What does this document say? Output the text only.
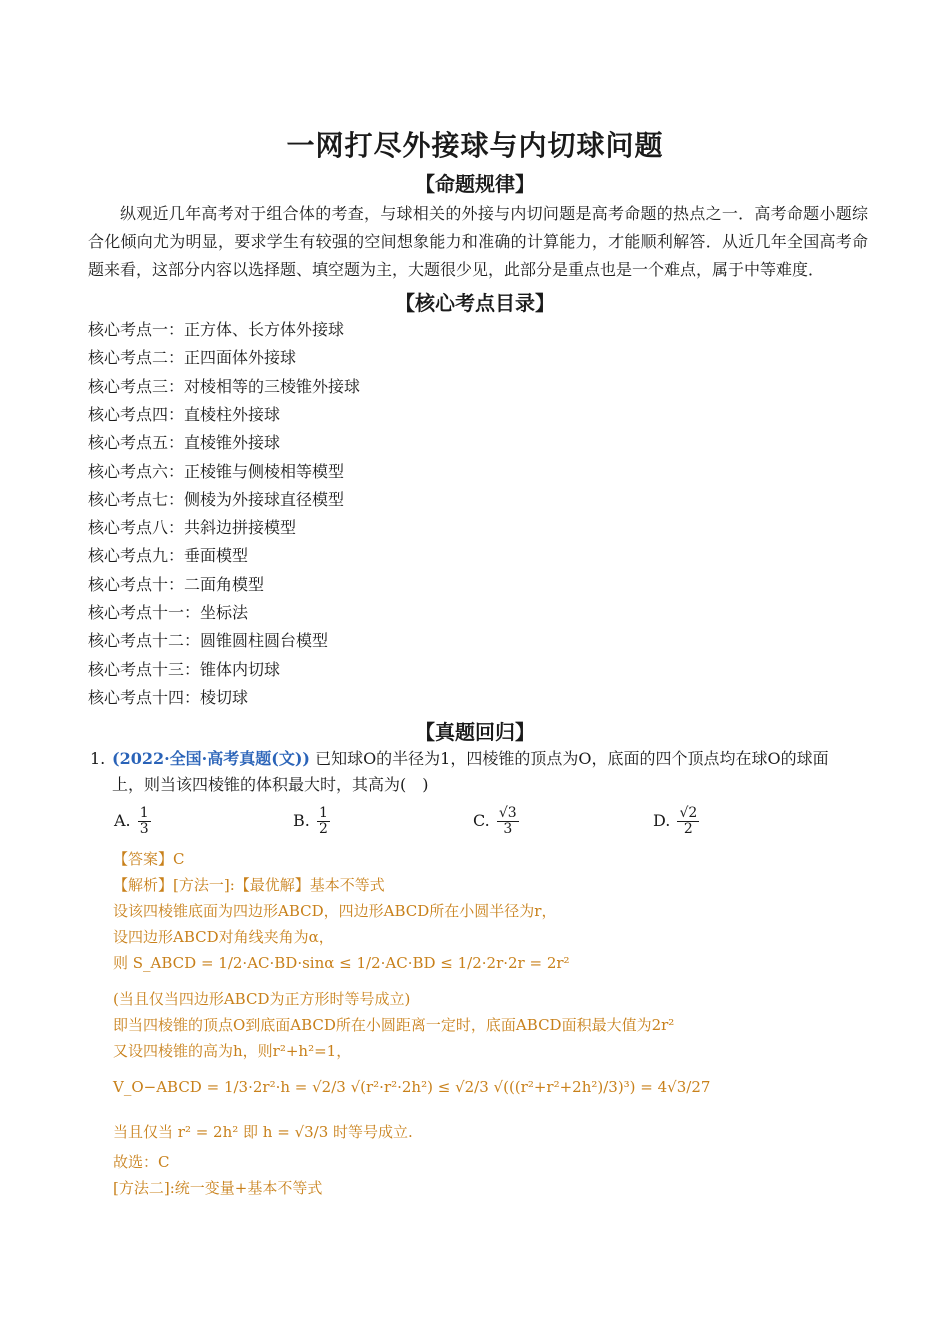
一网打尽外接球与内切球问题
【命题规律】
纵观近几年高考对于组合体的考查，与球相关的外接与内切问题是高考命题的热点之一．高考命题小题综合化倾向尤为明显，要求学生有较强的空间想象能力和准确的计算能力，才能顺利解答．从近几年全国高考命题来看，这部分内容以选择题、填空题为主，大题很少见，此部分是重点也是一个难点，属于中等难度．
【核心考点目录】
核心考点一：正方体、长方体外接球
核心考点二：正四面体外接球
核心考点三：对棱相等的三棱锥外接球
核心考点四：直棱柱外接球
核心考点五：直棱锥外接球
核心考点六：正棱锥与侧棱相等模型
核心考点七：侧棱为外接球直径模型
核心考点八：共斜边拼接模型
核心考点九：垂面模型
核心考点十：二面角模型
核心考点十一：坐标法
核心考点十二：圆锥圆柱圆台模型
核心考点十三：锥体内切球
核心考点十四：棱切球
【真题回归】
1. (2022·全国·高考真题(文)) 已知球O的半径为1，四棱锥的顶点为O，底面的四个顶点均在球O的球面
上，则当该四棱锥的体积最大时，其高为(　)
A. $\frac{1}{3}$	B. $\frac{1}{2}$	C. $\frac{√3}{3}$	D. $\frac{√2}{2}$
【答案】C
【解析】[方法一]:【最优解】基本不等式
设该四棱锥底面为四边形ABCD，四边形ABCD所在小圆半径为r，
设四边形ABCD对角线夹角为α，
则 S_ABCD = 1/2·AC·BD·sinα ≤ 1/2·AC·BD ≤ 1/2·2r·2r = 2r²
(当且仅当四边形ABCD为正方形时等号成立)
即当四棱锥的顶点O到底面ABCD所在小圆距离一定时，底面ABCD面积最大值为2r²
又设四棱锥的高为h，则r²+h²=1，
V_O−ABCD = 1/3·2r²·h = √2/3 √(r²·r²·2h²) ≤ √2/3 √(((r²+r²+2h²)/3)³) = 4√3/27
当且仅当 r² = 2h² 即 h = √3/3 时等号成立.
故选：C
[方法二]:统一变量+基本不等式
